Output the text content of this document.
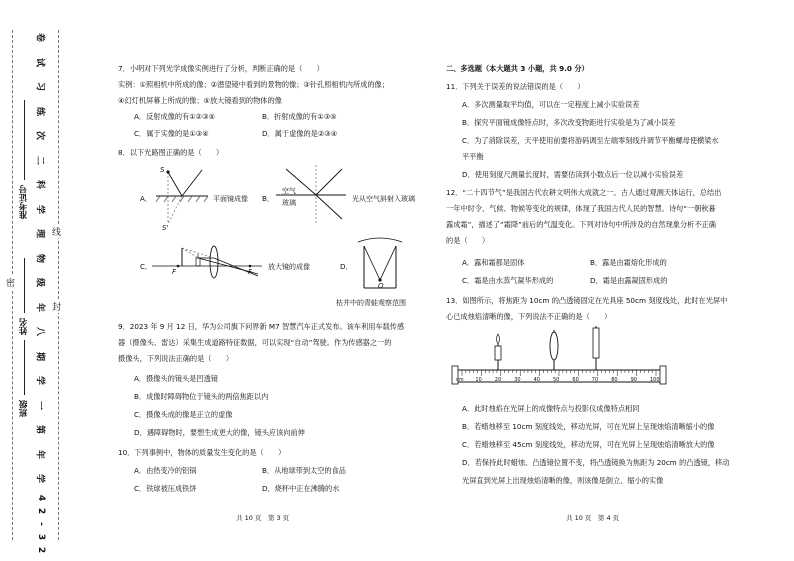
密
封
线
班级
姓名
准考证号
2
3
-
2
4
学
年
第
一
学
期
八
年
级
物
理
学
科
二
次
练
习
试
卷
7．小明对下列光学成像实例进行了分析，判断正确的是（　　）
实例：①照相机中所成的像；②潜望镜中看到的景物的像；③针孔照相机内所成的像；
④幻灯机屏幕上所成的像；⑤放大镜看到的物体的像
A．反射成像的有①②③⑤	B．折射成像的有①③⑤
C．属于实像的是①③④	D．属于虚像的是②③④
8．以下光路图正确的是（　　）
A．
S
S'
平面镜成像 B．
空气
玻璃	光从空气斜射入玻璃
C．
F	F
放大镜的成像	D．
O
枯井中的青蛙观察范围
9．2023 年 9 月 12 日，华为公司旗下问界新 M7 智慧汽车正式发布。该车利用车载传感
器（摄像头、雷达）采集生成道路特征数据，可以实现“自动”驾驶。作为传感器之一的
摄像头，下列说法正确的是（　　）
A．摄像头的镜头是凹透镜
B．成像时障碍物位于镜头的两倍焦距以内
C．摄像头成的像是正立的虚像
D．遇障碍物时，要想生成更大的像，镜头应该向前伸
10．下列事例中，物体的质量发生变化的是（　　）
A．由热变冷的铝锅	B．从地球带到太空的食品
C．铁球被压成铁饼	D．烧杯中正在沸腾的水
共 10 页　第 3 页
二、多选题（本大题共 3 小题，共 9.0 分）
11．下列关于误差的说法错误的是（　　）
A．多次测量取平均值，可以在一定程度上减小实验误差
B．探究平面镜成像特点时，多次改变物距进行实验是为了减小误差
C．为了消除误差，天平使用前要将游码调至左端零刻线并调节平衡螺母使横梁水
平平衡
D．使用刻度尺测量长度时，需要估读到小数点后一位以减小实验误差
12．“二十四节气”是我国古代农耕文明伟大成就之一。古人通过观测天体运行，总结出
一年中时令、气候、物候等变化的规律，体现了我国古代人民的智慧。诗句“一朝秋暮
露成霜”，描述了“霜降”前后的气温变化。下列对诗句中所涉及的自然现象分析不正确
的是（　　）
A．露和霜都是固体	B．露是由霜熔化形成的
C．霜是由水蒸气凝华形成的	D．霜是由露凝固形成的
13．如图所示，将焦距为 10cm 的凸透镜固定在光具座 50cm 刻度线处，此时在光屏中
心已成烛焰清晰的像，下列说法不正确的是（　　）
cm 10	20	30	40	50	60	70	80	90	100
A．此时烛焰在光屏上的成像特点与投影仪成像特点相同
B．若蜡烛移至 10cm 刻度线处，移动光屏，可在光屏上呈现烛焰清晰缩小的像
C．若蜡烛移至 45cm 刻度线处，移动光屏，可在光屏上呈现烛焰清晰放大的像
D．若保持此时蜡烛、凸透镜位置不变，将凸透镜换为焦距为 20cm 的凸透镜，移动
光屏直到光屏上出现烛焰清晰的像，则该像是倒立、缩小的实像
共 10 页　第 4 页
